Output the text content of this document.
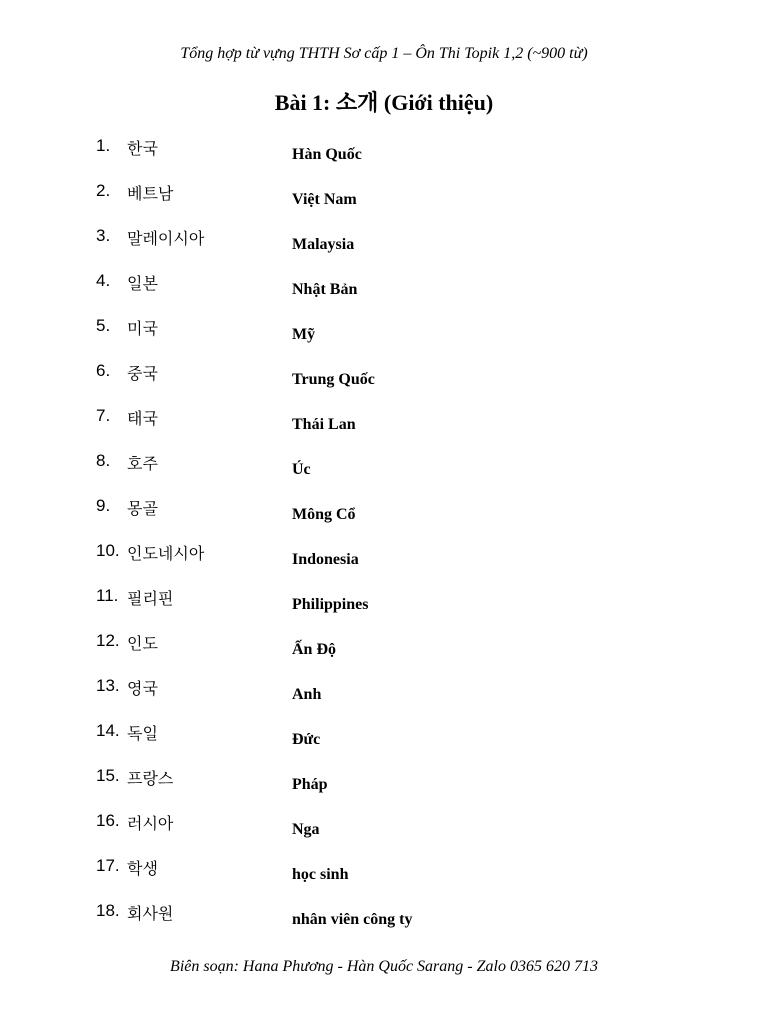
Tổng hợp từ vựng THTH Sơ cấp 1 – Ôn Thi Topik 1,2 (~900 từ)
Bài 1: 소개 (Giới thiệu)
1. 한국	Hàn Quốc
2. 베트남	Việt Nam
3. 말레이시아	Malaysia
4. 일본	Nhật Bản
5. 미국	Mỹ
6. 중국	Trung Quốc
7. 태국	Thái Lan
8. 호주	Úc
9. 몽골	Mông Cổ
10. 인도네시아	Indonesia
11. 필리핀	Philippines
12. 인도	Ấn Độ
13. 영국	Anh
14. 독일	Đức
15. 프랑스	Pháp
16. 러시아	Nga
17. 학생	học sinh
18. 회사원	nhân viên công ty
Biên soạn: Hana Phương - Hàn Quốc Sarang - Zalo 0365 620 713
